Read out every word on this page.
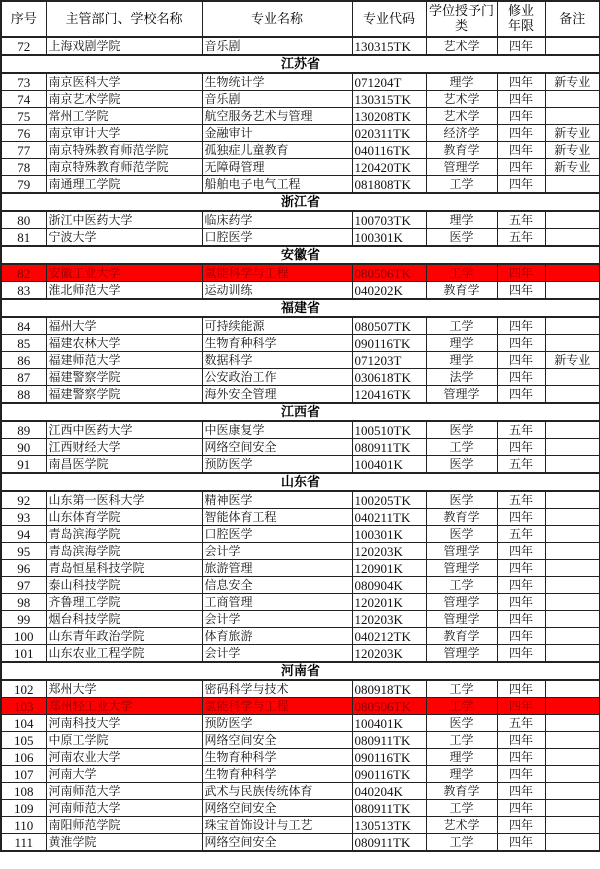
序号	主管部门、学校名称	专业名称	专业代码	学位授予门类	修业年限	备注
72	上海戏剧学院	音乐剧	130315TK	艺术学	四年	
江苏省						
73	南京医科大学	生物统计学	071204T	理学	四年	新专业
74	南京艺术学院	音乐剧	130315TK	艺术学	四年	
75	常州工学院	航空服务艺术与管理	130208TK	艺术学	四年	
76	南京审计大学	金融审计	020311TK	经济学	四年	新专业
77	南京特殊教育师范学院	孤独症儿童教育	040116TK	教育学	四年	新专业
78	南京特殊教育师范学院	无障碍管理	120420TK	管理学	四年	新专业
79	南通理工学院	船舶电子电气工程	081808TK	工学	四年	
浙江省						
80	浙江中医药大学	临床药学	100703TK	理学	五年	
81	宁波大学	口腔医学	100301K	医学	五年	
安徽省						
82	安徽工业大学	氢能科学与工程	080506TK	工学	四年	
83	淮北师范大学	运动训练	040202K	教育学	四年	
福建省						
84	福州大学	可持续能源	080507TK	工学	四年	
85	福建农林大学	生物育种科学	090116TK	理学	四年	
86	福建师范大学	数据科学	071203T	理学	四年	新专业
87	福建警察学院	公安政治工作	030618TK	法学	四年	
88	福建警察学院	海外安全管理	120416TK	管理学	四年	
江西省						
89	江西中医药大学	中医康复学	100510TK	医学	五年	
90	江西财经大学	网络空间安全	080911TK	工学	四年	
91	南昌医学院	预防医学	100401K	医学	五年	
山东省						
92	山东第一医科大学	精神医学	100205TK	医学	五年	
93	山东体育学院	智能体育工程	040211TK	教育学	四年	
94	青岛滨海学院	口腔医学	100301K	医学	五年	
95	青岛滨海学院	会计学	120203K	管理学	四年	
96	青岛恒星科技学院	旅游管理	120901K	管理学	四年	
97	泰山科技学院	信息安全	080904K	工学	四年	
98	齐鲁理工学院	工商管理	120201K	管理学	四年	
99	烟台科技学院	会计学	120203K	管理学	四年	
100	山东青年政治学院	体育旅游	040212TK	教育学	四年	
101	山东农业工程学院	会计学	120203K	管理学	四年	
河南省						
102	郑州大学	密码科学与技术	080918TK	工学	四年	
103	郑州轻工业大学	氢能科学与工程	080506TK	工学	四年	
104	河南科技大学	预防医学	100401K	医学	五年	
105	中原工学院	网络空间安全	080911TK	工学	四年	
106	河南农业大学	生物育种科学	090116TK	理学	四年	
107	河南大学	生物育种科学	090116TK	理学	四年	
108	河南师范大学	武术与民族传统体育	040204K	教育学	四年	
109	河南师范大学	网络空间安全	080911TK	工学	四年	
110	南阳师范学院	珠宝首饰设计与工艺	130513TK	艺术学	四年	
111	黄淮学院	网络空间安全	080911TK	工学	四年	
